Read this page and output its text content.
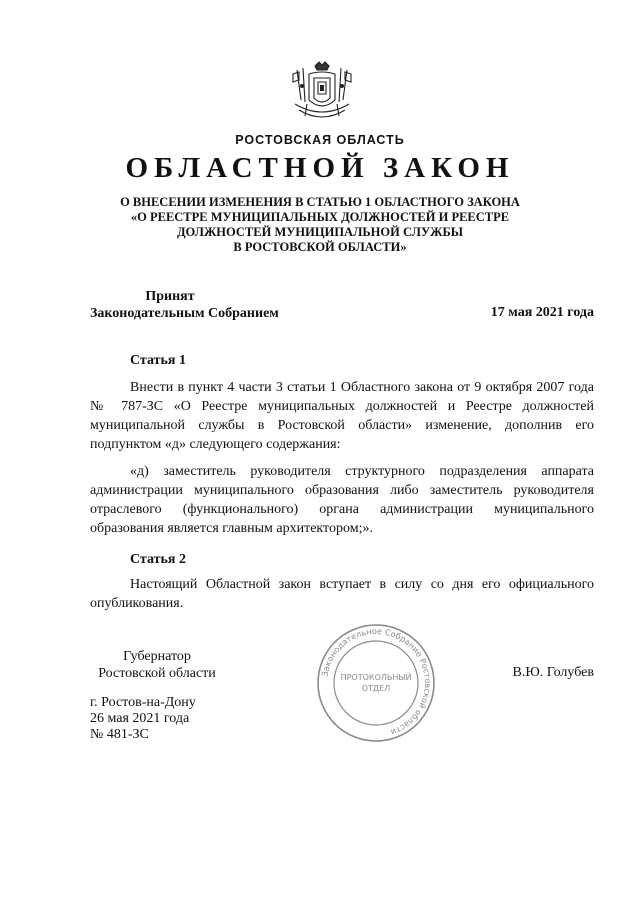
РОСТОВСКАЯ ОБЛАСТЬ
ОБЛАСТНОЙ ЗАКОН
О ВНЕСЕНИИ ИЗМЕНЕНИЯ В СТАТЬЮ 1 ОБЛАСТНОГО ЗАКОНА
«О РЕЕСТРЕ МУНИЦИПАЛЬНЫХ ДОЛЖНОСТЕЙ И РЕЕСТРЕ
ДОЛЖНОСТЕЙ МУНИЦИПАЛЬНОЙ СЛУЖБЫ
В РОСТОВСКОЙ ОБЛАСТИ»
Принят
Законодательным Собранием	17 мая 2021 года
Статья 1

Внести в пункт 4 части 3 статьи 1 Областного закона от 9 октября 2007 года № 787-ЗС «О Реестре муниципальных должностей и Реестре должностей муниципальной службы в Ростовской области» изменение, дополнив его подпунктом «д» следующего содержания:

«д) заместитель руководителя структурного подразделения аппарата администрации муниципального образования либо заместитель руководителя отраслевого (функционального) органа администрации муниципального образования является главным архитектором;».

Статья 2

Настоящий Областной закон вступает в силу со дня его официального опубликования.

Губернатор
Ростовской области	В.Ю. Голубев
г. Ростов-на-Дону
26 мая 2021 года
№ 481-ЗС
Законодательное Собрание Ростовской области
ПРОТОКОЛЬНЫЙ
ОТДЕЛ
